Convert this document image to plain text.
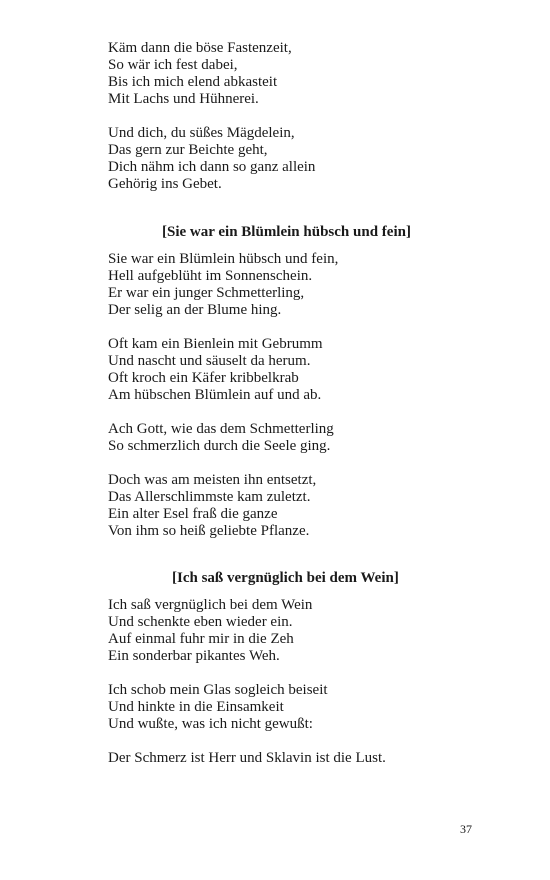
Käm dann die böse Fastenzeit,
So wär ich fest dabei,
Bis ich mich elend abkasteit
Mit Lachs und Hühnerei.
Und dich, du süßes Mägdelein,
Das gern zur Beichte geht,
Dich nähm ich dann so ganz allein
Gehörig ins Gebet.
[Sie war ein Blümlein hübsch und fein]
Sie war ein Blümlein hübsch und fein,
Hell aufgeblüht im Sonnenschein.
Er war ein junger Schmetterling,
Der selig an der Blume hing.
Oft kam ein Bienlein mit Gebrumm
Und nascht und säuselt da herum.
Oft kroch ein Käfer kribbelkrab
Am hübschen Blümlein auf und ab.
Ach Gott, wie das dem Schmetterling
So schmerzlich durch die Seele ging.
Doch was am meisten ihn entsetzt,
Das Allerschlimmste kam zuletzt.
Ein alter Esel fraß die ganze
Von ihm so heiß geliebte Pflanze.
[Ich saß vergnüglich bei dem Wein]
Ich saß vergnüglich bei dem Wein
Und schenkte eben wieder ein.
Auf einmal fuhr mir in die Zeh
Ein sonderbar pikantes Weh.
Ich schob mein Glas sogleich beiseit
Und hinkte in die Einsamkeit
Und wußte, was ich nicht gewußt:
Der Schmerz ist Herr und Sklavin ist die Lust.
37
